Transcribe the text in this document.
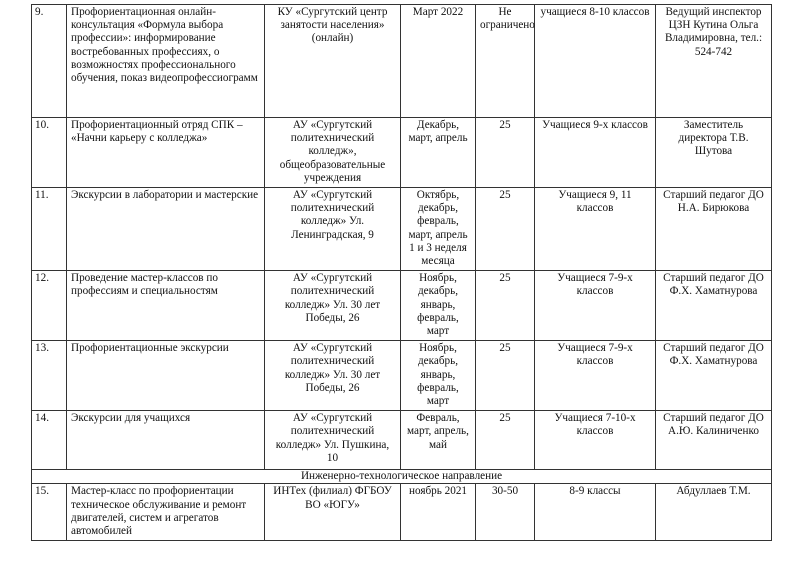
9.	Профориентационная онлайн-консультация «Формула выбора профессии»: информирование востребованных профессиях, о возможностях профессионального обучения, показ видеопрофессиограмм	КУ «Сургутский центр занятости населения» (онлайн)	Март 2022	Не ограничено	учащиеся 8-10 классов	Ведущий инспектор ЦЗН Кутина Ольга Владимировна, тел.: 524-742
10.	Профориентационный отряд СПК – «Начни карьеру с колледжа»	АУ «Сургутский политехнический колледж», общеобразовательные учреждения	Декабрь, март, апрель	25	Учащиеся 9-х классов	Заместитель директора Т.В. Шутова
11.	Экскурсии в лаборатории и мастерские	АУ «Сургутский политехнический колледж» Ул. Ленинградская, 9	Октябрь, декабрь, февраль, март, апрель 1 и 3 неделя месяца	25	Учащиеся 9, 11 классов	Старший педагог ДО Н.А. Бирюкова
12.	Проведение мастер-классов по профессиям и специальностям	АУ «Сургутский политехнический колледж» Ул. 30 лет Победы, 26	Ноябрь, декабрь, январь, февраль, март	25	Учащиеся 7-9-х классов	Старший педагог ДО Ф.Х. Хаматнурова
13.	Профориентационные экскурсии	АУ «Сургутский политехнический колледж» Ул. 30 лет Победы, 26	Ноябрь, декабрь, январь, февраль, март	25	Учащиеся 7-9-х классов	Старший педагог ДО Ф.Х. Хаматнурова
14.	Экскурсии для учащихся	АУ «Сургутский политехнический колледж» Ул. Пушкина, 10	Февраль, март, апрель, май	25	Учащиеся 7-10-х классов	Старший педагог ДО А.Ю. Калиниченко
Инженерно-технологическое направление						
15.	Мастер-класс по профориентации техническое обслуживание и ремонт двигателей, систем и агрегатов автомобилей	ИНТех (филиал) ФГБОУ ВО «ЮГУ»	ноябрь 2021	30-50	8-9 классы	Абдуллаев Т.М.
